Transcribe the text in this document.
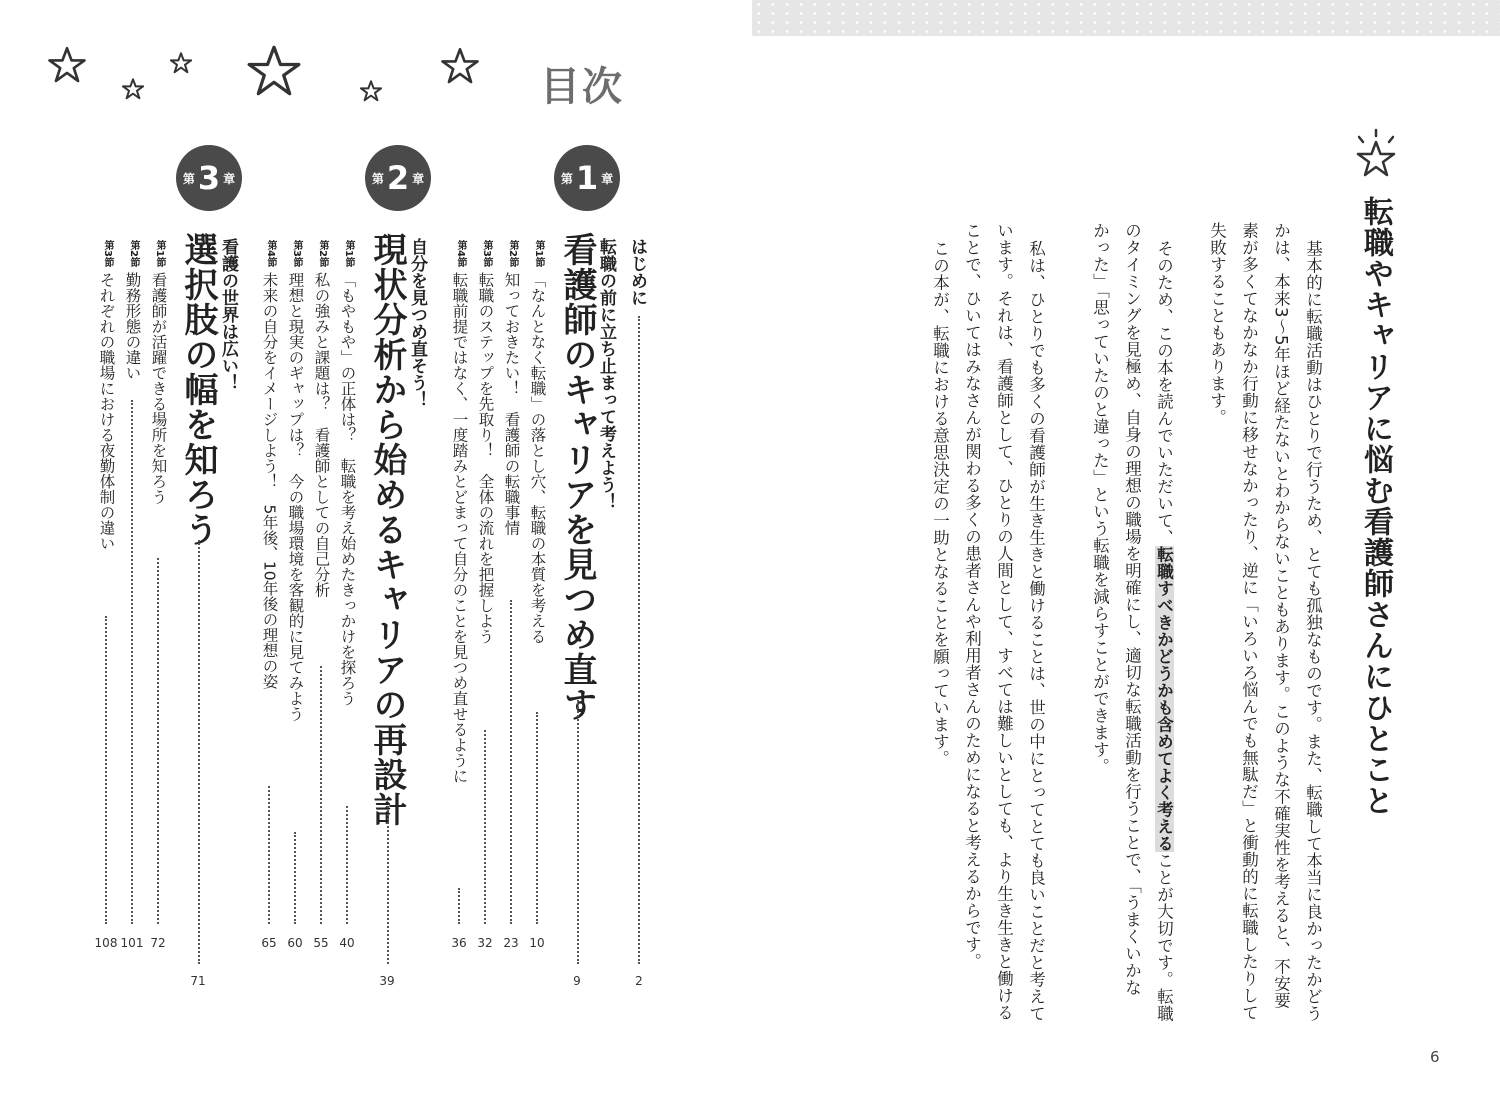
目次
はじめに
2
第 1 章
転職の前に立ち止まって考えよう！
看護師のキャリアを見つめ直す
9
第1節
「なんとなく転職」の落とし穴、転職の本質を考える
10
第2節
知っておきたい！　看護師の転職事情
23
第3節
転職のステップを先取り！　全体の流れを把握しよう
32
第4節
転職前提ではなく、一度踏みとどまって自分のことを見つめ直せるように
36
第 2 章
自分を見つめ直そう！
現状分析から始めるキャリアの再設計
39
第1節
「もやもや」の正体は？　転職を考え始めたきっかけを探ろう
40
第2節
私の強みと課題は？　看護師としての自己分析
55
第3節
理想と現実のギャップは？　今の職場環境を客観的に見てみよう
60
第4節
未来の自分をイメージしよう！　5年後、10年後の理想の姿
65
第 3 章
看護の世界は広い！
選択肢の幅を知ろう
71
第1節
看護師が活躍できる場所を知ろう
72
第2節
勤務形態の違い
101
第3節
それぞれの職場における夜勤体制の違い
108
転職やキャリアに悩む看護師さんにひとこと
基本的に転職活動はひとりで行うため、とても孤独なものです。また、転職して本当に良かったかどう
かは、本来3～5年ほど経たないとわからないこともあります。このような不確実性を考えると、不安要
素が多くてなかなか行動に移せなかったり、逆に「いろいろ悩んでも無駄だ」と衝動的に転職したりして
失敗することもあります。
そのため、この本を読んでいただいて、転職すべきかどうかも含めてよく考えることが大切です。転職
のタイミングを見極め、自身の理想の職場を明確にし、適切な転職活動を行うことで、「うまくいかな
かった」「思っていたのと違った」という転職を減らすことができます。
私は、ひとりでも多くの看護師が生き生きと働けることは、世の中にとってとても良いことだと考えて
います。それは、看護師として、ひとりの人間として、すべては難しいとしても、より生き生きと働ける
ことで、ひいてはみなさんが関わる多くの患者さんや利用者さんのためになると考えるからです。
この本が、転職における意思決定の一助となることを願っています。
6
